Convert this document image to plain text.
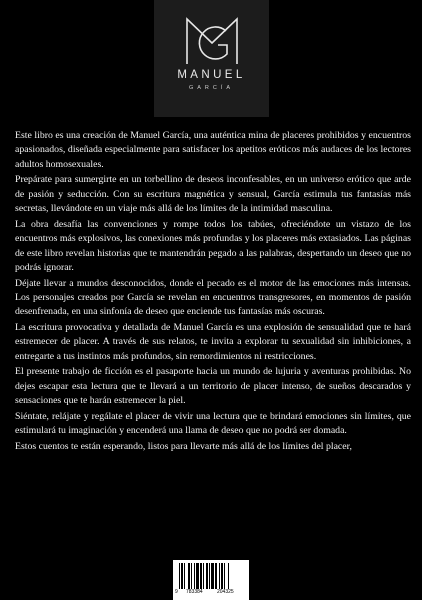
MANUEL
GARCÍA

Este libro es una creación de Manuel García, una auténtica mina de placeres prohibidos y encuentros apasionados, diseñada especialmente para satisfacer los apetitos eróticos más audaces de los lectores adultos homosexuales.

Prepárate para sumergirte en un torbellino de deseos inconfesables, en un universo erótico que arde de pasión y seducción. Con su escritura magnética y sensual, García estimula tus fantasías más secretas, llevándote en un viaje más allá de los límites de la intimidad masculina.

La obra desafía las convenciones y rompe todos los tabúes, ofreciéndote un vistazo de los encuentros más explosivos, las conexiones más profundas y los placeres más extasiados. Las páginas de este libro revelan historias que te mantendrán pegado a las palabras, despertando un deseo que no podrás ignorar.

Déjate llevar a mundos desconocidos, donde el pecado es el motor de las emociones más intensas. Los personajes creados por García se revelan en encuentros transgresores, en momentos de pasión desenfrenada, en una sinfonía de deseo que enciende tus fantasías más oscuras.

La escritura provocativa y detallada de Manuel García es una explosión de sensualidad que te hará estremecer de placer. A través de sus relatos, te invita a explorar tu sexualidad sin inhibiciones, a entregarte a tus instintos más profundos, sin remordimientos ni restricciones.

El presente trabajo de ficción es el pasaporte hacia un mundo de lujuria y aventuras prohibidas. No dejes escapar esta lectura que te llevará a un territorio de placer intenso, de sueños descarados y sensaciones que te harán estremecer la piel.

Siéntate, relájate y regálate el placer de vivir una lectura que te brindará emociones sin límites, que estimulará tu imaginación y encenderá una llama de deseo que no podrá ser domada.

Estos cuentos te están esperando, listos para llevarte más allá de los límites del placer,

9 783384	204325
